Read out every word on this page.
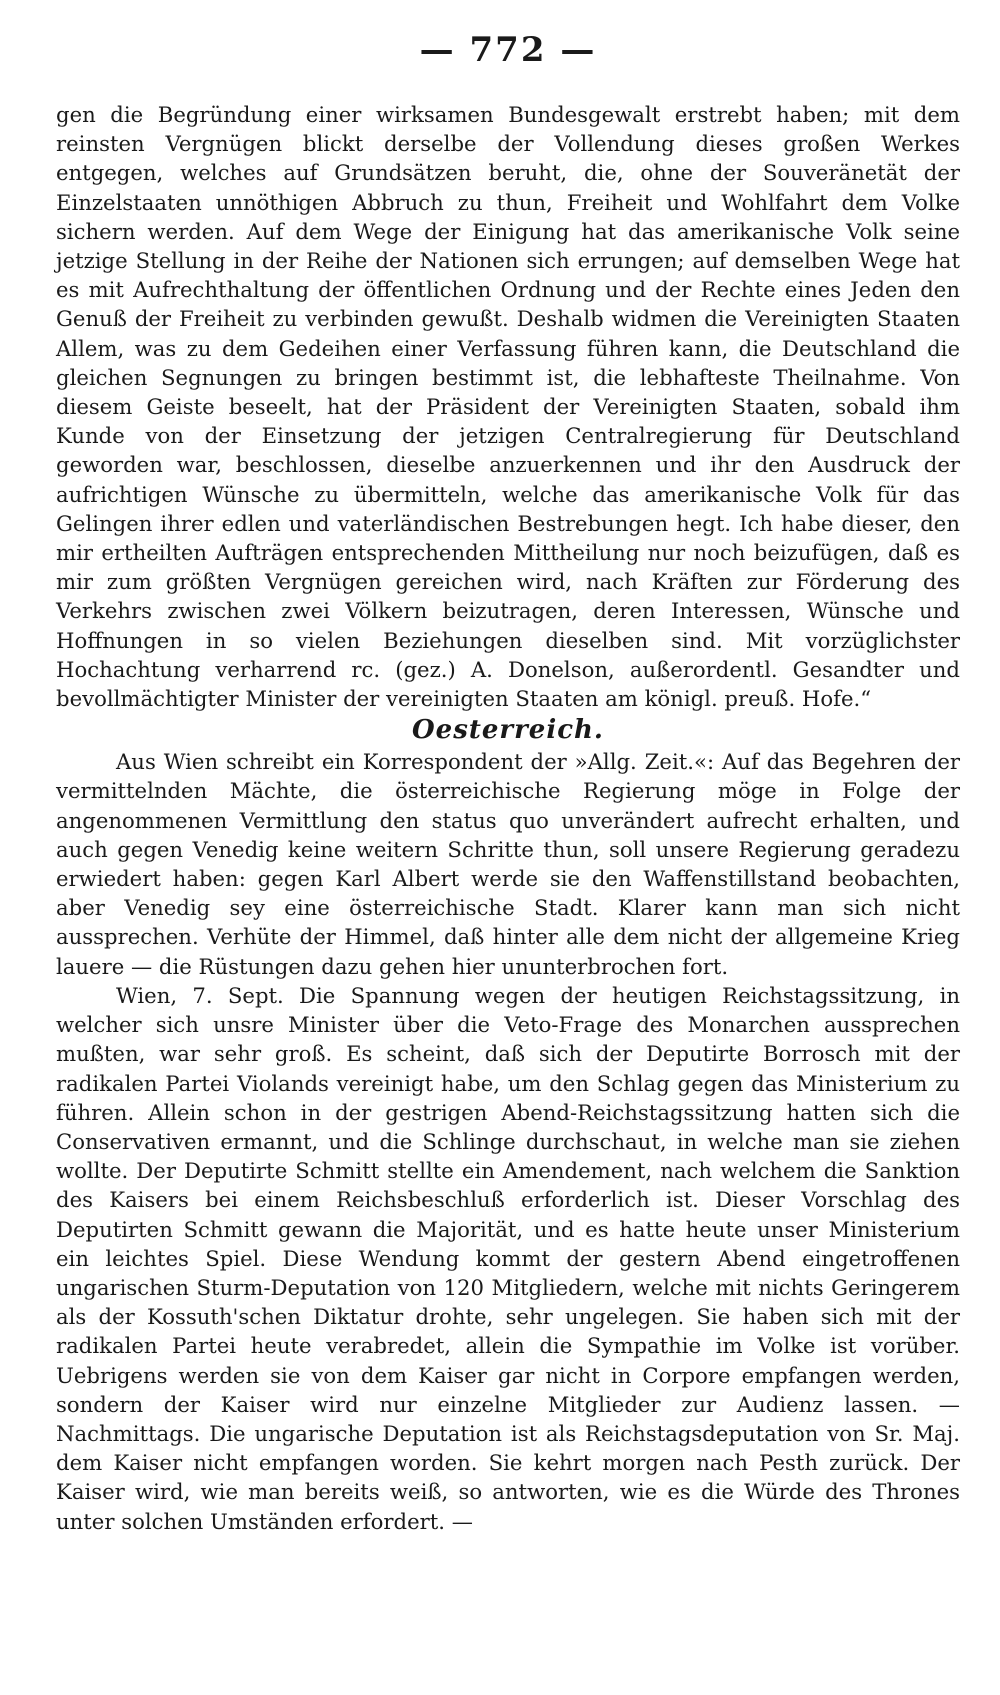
— 772 —

gen die Begründung einer wirksamen Bundesgewalt erstrebt haben; mit dem reinsten Vergnügen blickt derselbe der Vollendung dieses großen Werkes entgegen, welches auf Grundsätzen beruht, die, ohne der Souveränetät der Einzelstaaten unnöthigen Abbruch zu thun, Freiheit und Wohlfahrt dem Volke sichern werden. Auf dem Wege der Einigung hat das amerikanische Volk seine jetzige Stellung in der Reihe der Nationen sich errungen; auf demselben Wege hat es mit Aufrechthaltung der öffentlichen Ordnung und der Rechte eines Jeden den Genuß der Freiheit zu verbinden gewußt. Deshalb widmen die Vereinigten Staaten Allem, was zu dem Gedeihen einer Verfassung führen kann, die Deutschland die gleichen Segnungen zu bringen bestimmt ist, die lebhafteste Theilnahme. Von diesem Geiste beseelt, hat der Präsident der Vereinigten Staaten, sobald ihm Kunde von der Einsetzung der jetzigen Centralregierung für Deutschland geworden war, beschlossen, dieselbe anzuerkennen und ihr den Ausdruck der aufrichtigen Wünsche zu übermitteln, welche das amerikanische Volk für das Gelingen ihrer edlen und vaterländischen Bestrebungen hegt. Ich habe dieser, den mir ertheilten Aufträgen entsprechenden Mittheilung nur noch beizufügen, daß es mir zum größten Vergnügen gereichen wird, nach Kräften zur Förderung des Verkehrs zwischen zwei Völkern beizutragen, deren Interessen, Wünsche und Hoffnungen in so vielen Beziehungen dieselben sind. Mit vorzüglichster Hochachtung verharrend rc. (gez.) A. Donelson, außerordentl. Gesandter und bevollmächtigter Minister der vereinigten Staaten am königl. preuß. Hofe.“

Oesterreich.

Aus Wien schreibt ein Korrespondent der »Allg. Zeit.«: Auf das Begehren der vermittelnden Mächte, die österreichische Regierung möge in Folge der angenommenen Vermittlung den status quo unverändert aufrecht erhalten, und auch gegen Venedig keine weitern Schritte thun, soll unsere Regierung geradezu erwiedert haben: gegen Karl Albert werde sie den Waffenstillstand beobachten, aber Venedig sey eine österreichische Stadt. Klarer kann man sich nicht aussprechen. Verhüte der Himmel, daß hinter alle dem nicht der allgemeine Krieg lauere — die Rüstungen dazu gehen hier ununterbrochen fort.

Wien, 7. Sept. Die Spannung wegen der heutigen Reichstagssitzung, in welcher sich unsre Minister über die Veto-Frage des Monarchen aussprechen mußten, war sehr groß. Es scheint, daß sich der Deputirte Borrosch mit der radikalen Partei Violands vereinigt habe, um den Schlag gegen das Ministerium zu führen. Allein schon in der gestrigen Abend-Reichstagssitzung hatten sich die Conservativen ermannt, und die Schlinge durchschaut, in welche man sie ziehen wollte. Der Deputirte Schmitt stellte ein Amendement, nach welchem die Sanktion des Kaisers bei einem Reichsbeschluß erforderlich ist. Dieser Vorschlag des Deputirten Schmitt gewann die Majorität, und es hatte heute unser Ministerium ein leichtes Spiel. Diese Wendung kommt der gestern Abend eingetroffenen ungarischen Sturm-Deputation von 120 Mitgliedern, welche mit nichts Geringerem als der Kossuth'schen Diktatur drohte, sehr ungelegen. Sie haben sich mit der radikalen Partei heute verabredet, allein die Sympathie im Volke ist vorüber. Uebrigens werden sie von dem Kaiser gar nicht in Corpore empfangen werden, sondern der Kaiser wird nur einzelne Mitglieder zur Audienz lassen. — Nachmittags. Die ungarische Deputation ist als Reichstagsdeputation von Sr. Maj. dem Kaiser nicht empfangen worden. Sie kehrt morgen nach Pesth zurück. Der Kaiser wird, wie man bereits weiß, so antworten, wie es die Würde des Thrones unter solchen Umständen erfordert. —
